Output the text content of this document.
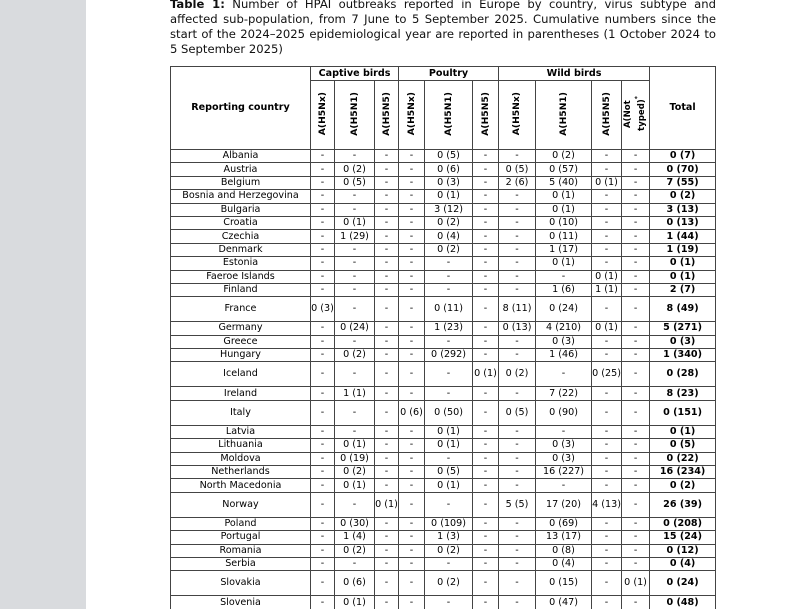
Table 1: Number of HPAI outbreaks reported in Europe by country, virus subtype and affected sub-population, from 7 June to 5 September 2025. Cumulative numbers since the start of the 2024–2025 epidemiological year are reported in parentheses (1 October 2024 to 5 September 2025)
Reporting country	Captive birds			Poultry			Wild birds				Total
	A(H5Nx)	A(H5N1)	A(H5N5)	A(H5Nx)	A(H5N1)	A(H5N5)	A(H5Nx)	A(H5N1)	A(H5N5)	A(Not typed)*
Albania	-	-	-	-	0 (5)	-	-	0 (2)	-	-	0 (7)
Austria	-	0 (2)	-	-	0 (6)	-	0 (5)	0 (57)	-	-	0 (70)
Belgium	-	0 (5)	-	-	0 (3)	-	2 (6)	5 (40)	0 (1)	-	7 (55)
Bosnia and Herzegovina	-	-	-	-	0 (1)	-	-	0 (1)	-	-	0 (2)
Bulgaria	-	-	-	-	3 (12)	-	-	0 (1)	-	-	3 (13)
Croatia	-	0 (1)	-	-	0 (2)	-	-	0 (10)	-	-	0 (13)
Czechia	-	1 (29)	-	-	0 (4)	-	-	0 (11)	-	-	1 (44)
Denmark	-	-	-	-	0 (2)	-	-	1 (17)	-	-	1 (19)
Estonia	-	-	-	-	-	-	-	0 (1)	-	-	0 (1)
Faeroe Islands	-	-	-	-	-	-	-	-	0 (1)	-	0 (1)
Finland	-	-	-	-	-	-	-	1 (6)	1 (1)	-	2 (7)
France	0 (3)	-	-	-	0 (11)	-	8 (11)	0 (24)	-	-	8 (49)
Germany	-	0 (24)	-	-	1 (23)	-	0 (13)	4 (210)	0 (1)	-	5 (271)
Greece	-	-	-	-	-	-	-	0 (3)	-	-	0 (3)
Hungary	-	0 (2)	-	-	0 (292)	-	-	1 (46)	-	-	1 (340)
Iceland	-	-	-	-	-	0 (1)	0 (2)	-	0 (25)	-	0 (28)
Ireland	-	1 (1)	-	-	-	-	-	7 (22)	-	-	8 (23)
Italy	-	-	-	0 (6)	0 (50)	-	0 (5)	0 (90)	-	-	0 (151)
Latvia	-	-	-	-	0 (1)	-	-	-	-	-	0 (1)
Lithuania	-	0 (1)	-	-	0 (1)	-	-	0 (3)	-	-	0 (5)
Moldova	-	0 (19)	-	-	-	-	-	0 (3)	-	-	0 (22)
Netherlands	-	0 (2)	-	-	0 (5)	-	-	16 (227)	-	-	16 (234)
North Macedonia	-	0 (1)	-	-	0 (1)	-	-	-	-	-	0 (2)
Norway	-	-	0 (1)	-	-	-	5 (5)	17 (20)	4 (13)	-	26 (39)
Poland	-	0 (30)	-	-	0 (109)	-	-	0 (69)	-	-	0 (208)
Portugal	-	1 (4)	-	-	1 (3)	-	-	13 (17)	-	-	15 (24)
Romania	-	0 (2)	-	-	0 (2)	-	-	0 (8)	-	-	0 (12)
Serbia	-	-	-	-	-	-	-	0 (4)	-	-	0 (4)
Slovakia	-	0 (6)	-	-	0 (2)	-	-	0 (15)	-	0 (1)	0 (24)
Slovenia	-	0 (1)	-	-	-	-	-	0 (47)	-	-	0 (48)
